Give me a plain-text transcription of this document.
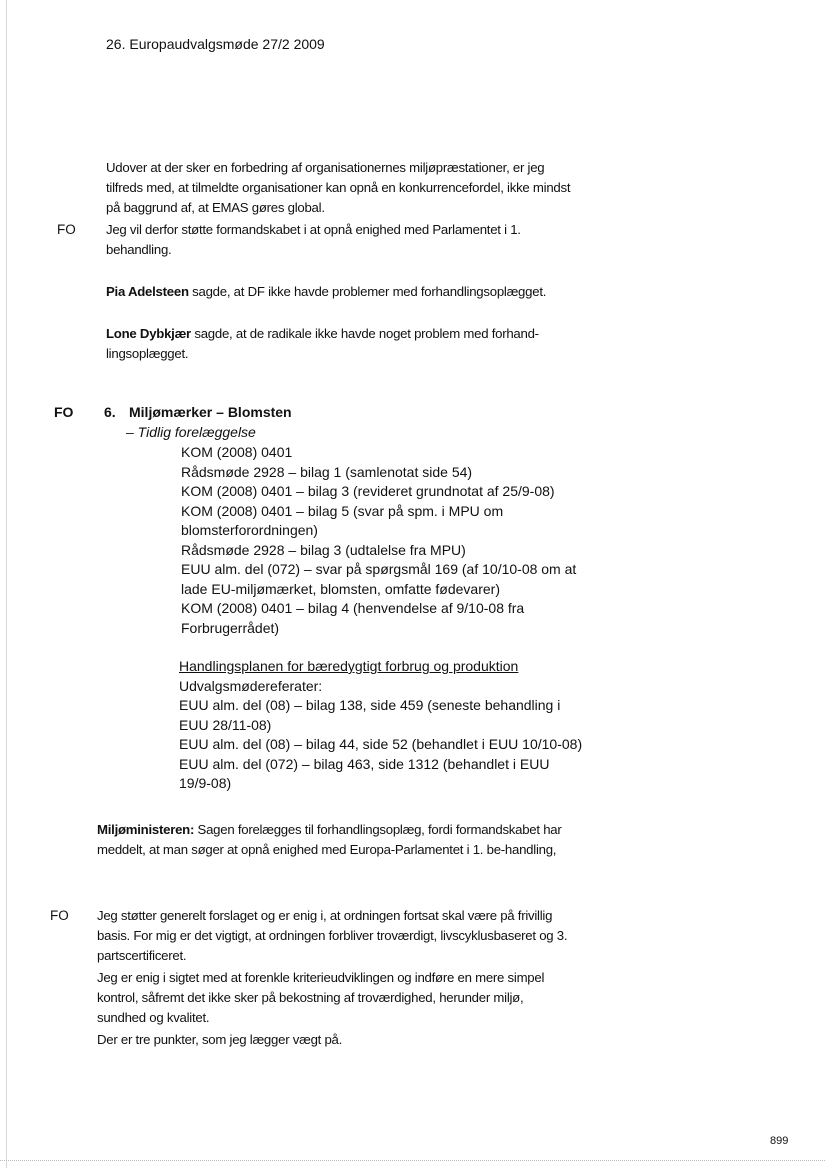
26. Europaudvalgsmøde 27/2 2009
Udover at der sker en forbedring af organisationernes miljøpræstationer, er jeg tilfreds med, at tilmeldte organisationer kan opnå en konkurrencefordel, ikke mindst på baggrund af, at EMAS gøres global.
FO Jeg vil derfor støtte formandskabet i at opnå enighed med Parlamentet i 1. behandling.
Pia Adelsteen sagde, at DF ikke havde problemer med forhandlingsoplægget.
Lone Dybkjær sagde, at de radikale ikke havde noget problem med forhand-lingsoplægget.
FO 6. Miljømærker – Blomsten
– Tidlig forelæggelse
KOM (2008) 0401
Rådsmøde 2928 – bilag 1 (samlenotat side 54)
KOM (2008) 0401 – bilag 3 (revideret grundnotat af 25/9-08)
KOM (2008) 0401 – bilag 5 (svar på spm. i MPU om
blomsterforordningen)
Rådsmøde 2928 – bilag 3 (udtalelse fra MPU)
EUU alm. del (072) – svar på spørgsmål 169 (af 10/10-08 om at
lade EU-miljømærket, blomsten, omfatte fødevarer)
KOM (2008) 0401 – bilag 4 (henvendelse af 9/10-08 fra
Forbrugerrådet)
Handlingsplanen for bæredygtigt forbrug og produktion
Udvalgsmødereferater:
EUU alm. del (08) – bilag 138, side 459 (seneste behandling i
EUU 28/11-08)
EUU alm. del (08) – bilag 44, side 52 (behandlet i EUU 10/10-08)
EUU alm. del (072) – bilag 463, side 1312 (behandlet i EUU
19/9-08)
Miljøministeren: Sagen forelægges til forhandlingsoplæg, fordi formandskabet har meddelt, at man søger at opnå enighed med Europa-Parlamentet i 1. be-handling,
FO Jeg støtter generelt forslaget og er enig i, at ordningen fortsat skal være på frivillig basis. For mig er det vigtigt, at ordningen forbliver troværdigt, livscyklusbaseret og 3. partscertificeret.
Jeg er enig i sigtet med at forenkle kriterieudviklingen og indføre en mere simpel kontrol, såfremt det ikke sker på bekostning af troværdighed, herunder miljø, sundhed og kvalitet.
Der er tre punkter, som jeg lægger vægt på.
899
